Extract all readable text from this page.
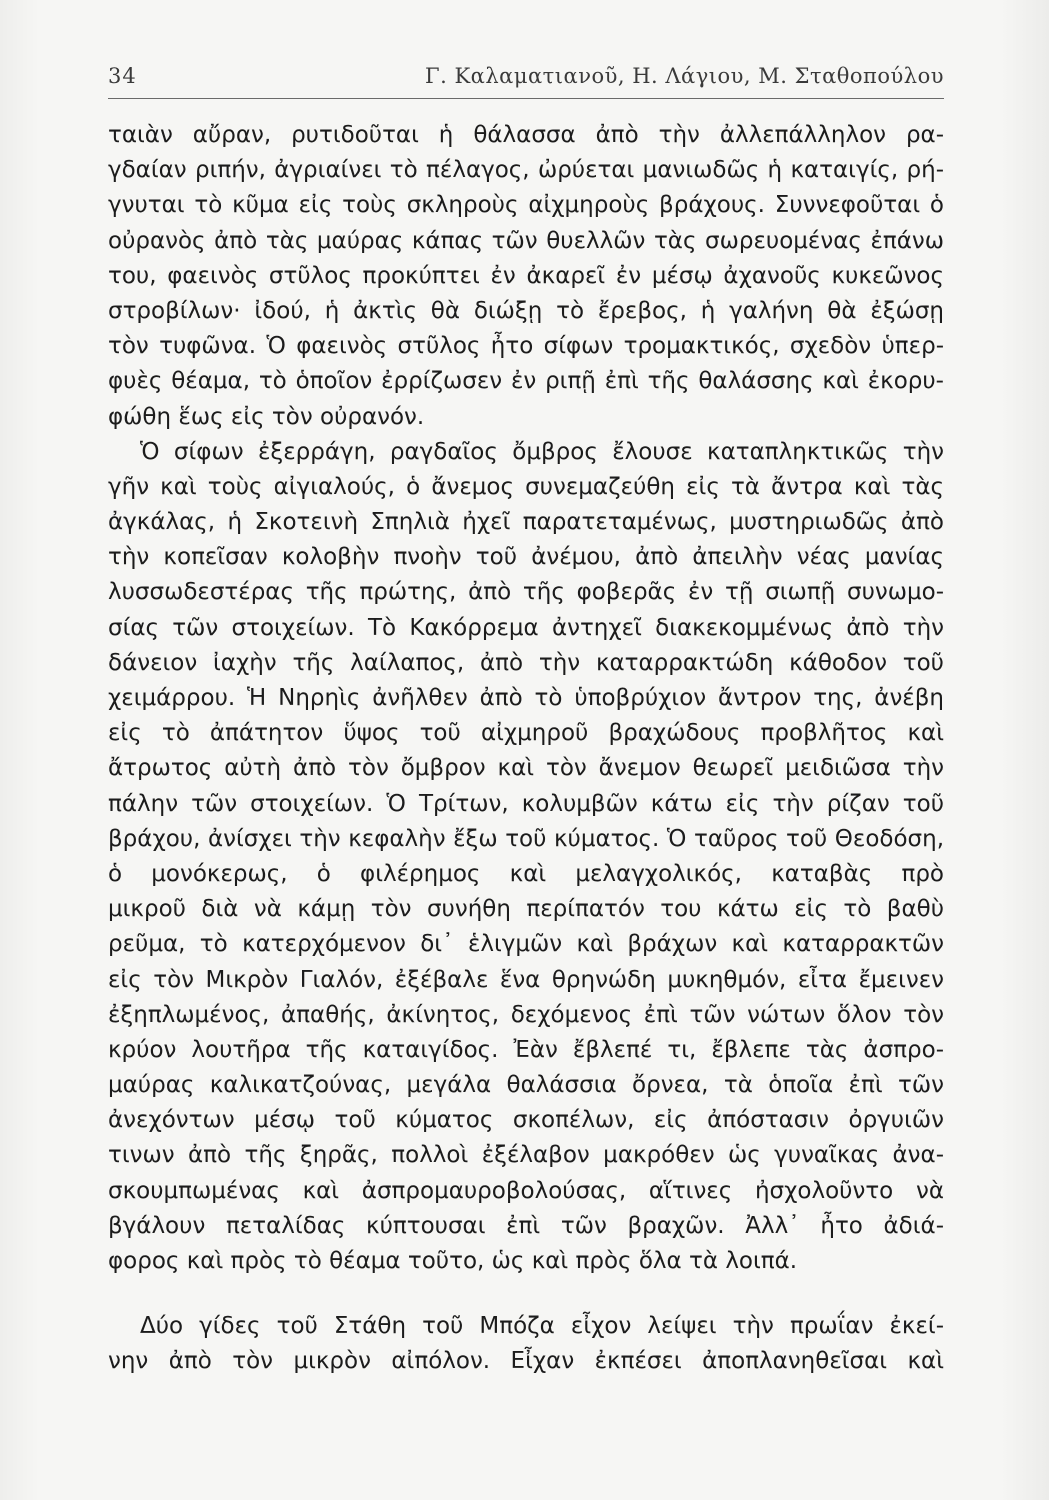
34	Γ. Καλαματιανοῦ, Η. Λάγιου, Μ. Σταθοπούλου
ταιὰν αὔραν, ρυτιδοῦται ἡ θάλασσα ἀπὸ τὴν ἀλλεπάλληλον ρα-
γδαίαν ριπήν, ἀγριαίνει τὸ πέλαγος, ὠρύεται μανιωδῶς ἡ καταιγίς, ρή-
γνυται τὸ κῦμα εἰς τοὺς σκληροὺς αἰχμηροὺς βράχους. Συννεφοῦται ὁ
οὐρανὸς ἀπὸ τὰς μαύρας κάπας τῶν θυελλῶν τὰς σωρευομένας ἐπάνω
του, φαεινὸς στῦλος προκύπτει ἐν ἀκαρεῖ ἐν μέσῳ ἀχανοῦς κυκεῶνος
στροβίλων· ἰδού, ἡ ἀκτὶς θὰ διώξῃ τὸ ἔρεβος, ἡ γαλήνη θὰ ἐξώσῃ
τὸν τυφῶνα. Ὁ φαεινὸς στῦλος ἦτο σίφων τρομακτικός, σχεδὸν ὑπερ-
φυὲς θέαμα, τὸ ὁποῖον ἐρρίζωσεν ἐν ριπῇ ἐπὶ τῆς θαλάσσης καὶ ἐκορυ-
φώθη ἕως εἰς τὸν οὐρανόν.
Ὁ σίφων ἐξερράγη, ραγδαῖος ὄμβρος ἔλουσε καταπληκτικῶς τὴν
γῆν καὶ τοὺς αἰγιαλούς, ὁ ἄνεμος συνεμαζεύθη εἰς τὰ ἄντρα καὶ τὰς
ἀγκάλας, ἡ Σκοτεινὴ Σπηλιὰ ἠχεῖ παρατεταμένως, μυστηριωδῶς ἀπὸ
τὴν κοπεῖσαν κολοβὴν πνοὴν τοῦ ἀνέμου, ἀπὸ ἀπειλὴν νέας μανίας
λυσσωδεστέρας τῆς πρώτης, ἀπὸ τῆς φοβερᾶς ἐν τῇ σιωπῇ συνωμο-
σίας τῶν στοιχείων. Τὸ Κακόρρεμα ἀντηχεῖ διακεκομμένως ἀπὸ τὴν
δάνειον ἰαχὴν τῆς λαίλαπος, ἀπὸ τὴν καταρρακτώδη κάθοδον τοῦ
χειμάρρου. Ἡ Νηρηὶς ἀνῆλθεν ἀπὸ τὸ ὑποβρύχιον ἄντρον της, ἀνέβη
εἰς τὸ ἀπάτητον ὕψος τοῦ αἰχμηροῦ βραχώδους προβλῆτος καὶ
ἄτρωτος αὐτὴ ἀπὸ τὸν ὄμβρον καὶ τὸν ἄνεμον θεωρεῖ μειδιῶσα τὴν
πάλην τῶν στοιχείων. Ὁ Τρίτων, κολυμβῶν κάτω εἰς τὴν ρίζαν τοῦ
βράχου, ἀνίσχει τὴν κεφαλὴν ἔξω τοῦ κύματος. Ὁ ταῦρος τοῦ Θεοδόση,
ὁ μονόκερως, ὁ φιλέρημος καὶ μελαγχολικός, καταβὰς πρὸ
μικροῦ διὰ νὰ κάμῃ τὸν συνήθη περίπατόν του κάτω εἰς τὸ βαθὺ
ρεῦμα, τὸ κατερχόμενον δι᾽ ἑλιγμῶν καὶ βράχων καὶ καταρρακτῶν
εἰς τὸν Μικρὸν Γιαλόν, ἐξέβαλε ἕνα θρηνώδη μυκηθμόν, εἶτα ἔμεινεν
ἐξηπλωμένος, ἀπαθής, ἀκίνητος, δεχόμενος ἐπὶ τῶν νώτων ὅλον τὸν
κρύον λουτῆρα τῆς καταιγίδος. Ἐὰν ἔβλεπέ τι, ἔβλεπε τὰς ἀσπρο-
μαύρας καλικατζούνας, μεγάλα θαλάσσια ὄρνεα, τὰ ὁποῖα ἐπὶ τῶν
ἀνεχόντων μέσῳ τοῦ κύματος σκοπέλων, εἰς ἀπόστασιν ὀργυιῶν
τινων ἀπὸ τῆς ξηρᾶς, πολλοὶ ἐξέλαβον μακρόθεν ὡς γυναῖκας ἀνα-
σκουμπωμένας καὶ ἀσπρομαυροβολούσας, αἵτινες ἠσχολοῦντο νὰ
βγάλουν πεταλίδας κύπτουσαι ἐπὶ τῶν βραχῶν. Ἀλλ᾽ ἦτο ἀδιά-
φορος καὶ πρὸς τὸ θέαμα τοῦτο, ὡς καὶ πρὸς ὅλα τὰ λοιπά.
Δύο γίδες τοῦ Στάθη τοῦ Μπόζα εἶχον λείψει τὴν πρωΐαν ἐκεί-
νην ἀπὸ τὸν μικρὸν αἰπόλον. Εἶχαν ἐκπέσει ἀποπλανηθεῖσαι καὶ
